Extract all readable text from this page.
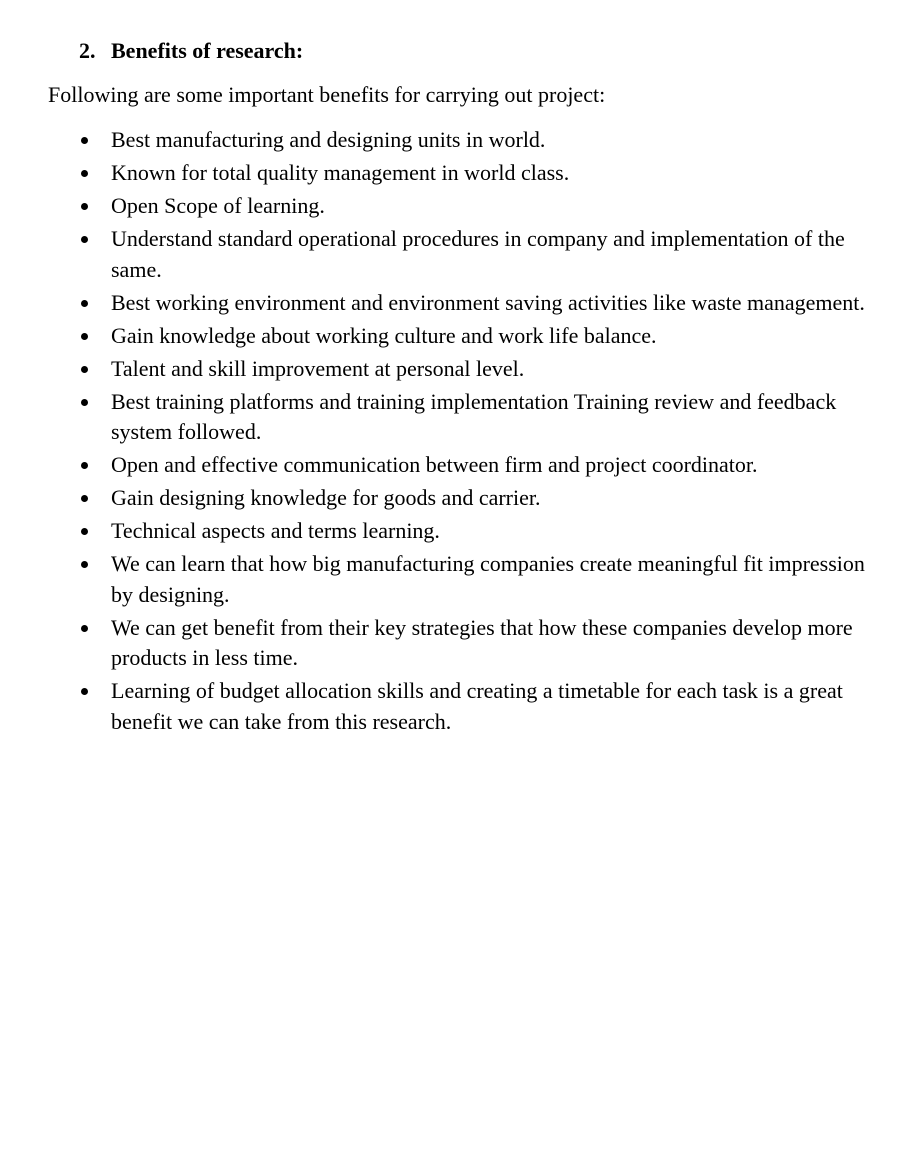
2. Benefits of research:
Following are some important benefits for carrying out project:
Best manufacturing and designing units in world.
Known for total quality management in world class.
Open Scope of learning.
Understand standard operational procedures in company and implementation of the same.
Best working environment and environment saving activities like waste management.
Gain knowledge about working culture and work life balance.
Talent and skill improvement at personal level.
Best training platforms and training implementation Training review and feedback system followed.
Open and effective communication between firm and project coordinator.
Gain designing knowledge for goods and carrier.
Technical aspects and terms learning.
We can learn that how big manufacturing companies create meaningful fit impression by designing.
We can get benefit from their key strategies that how these companies develop more products in less time.
Learning of budget allocation skills and creating a timetable for each task is a great benefit we can take from this research.
